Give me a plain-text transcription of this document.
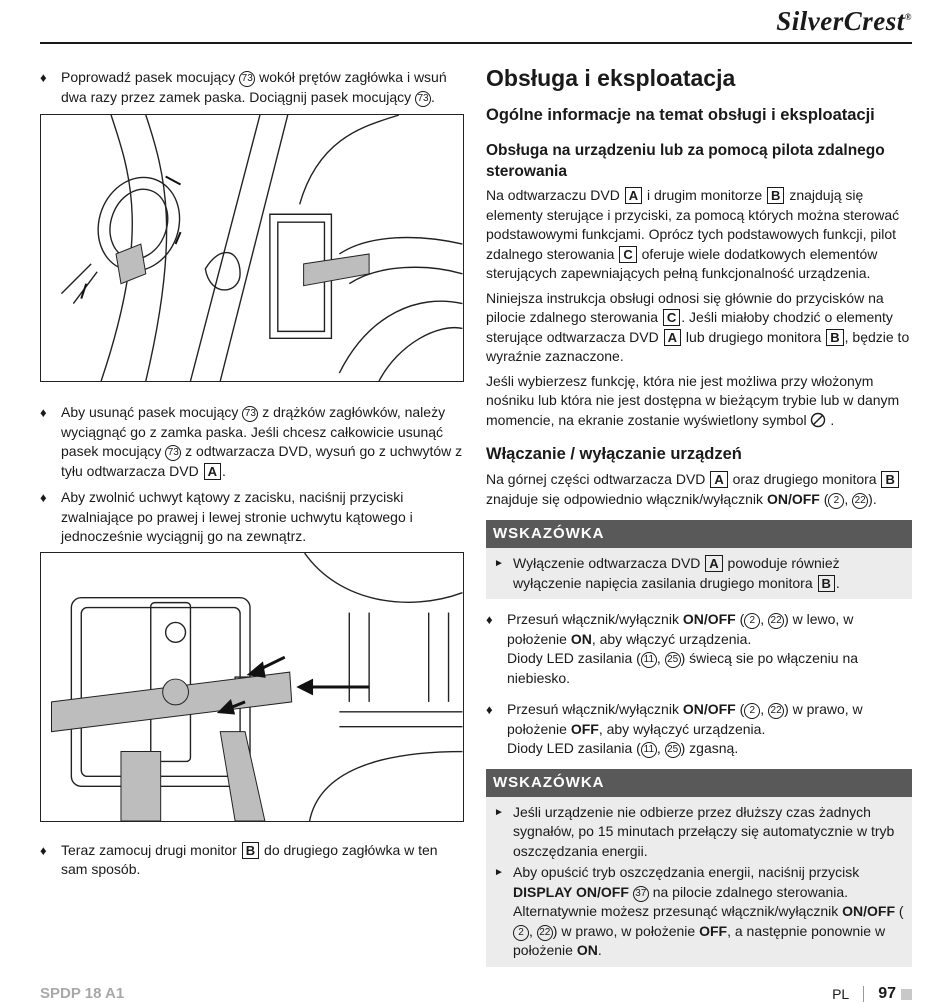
SilverCrest®

♦ Poprowadź pasek mocujący 73 wokół prętów zagłówka i wsuń dwa razy przez zamek paska. Dociągnij pasek mocujący 73 .

♦ Aby usunąć pasek mocujący 73 z drążków zagłówków, należy wyciągnąć go z zamka paska. Jeśli chcesz całkowicie usunąć pasek mocujący 73 z odtwarzacza DVD, wysuń go z uchwytów z tyłu odtwarzacza DVD A .

♦ Aby zwolnić uchwyt kątowy z zacisku, naciśnij przyciski zwalniające po prawej i lewej stronie uchwytu kątowego i jednocześnie wyciągnij go na zewnątrz.

♦ Teraz zamocuj drugi monitor B do drugiego zagłówka w ten sam sposób.

Obsługa i eksploatacja
Ogólne informacje na temat obsługi i eksploatacji
Obsługa na urządzeniu lub za pomocą pilota zdalnego sterowania

Na odtwarzaczu DVD A i drugim monitorze B znajdują się elementy sterujące i przyciski, za pomocą których można sterować podstawowymi funkcjami. Oprócz tych podstawowych funkcji, pilot zdalnego sterowania C oferuje wiele dodatkowych elementów sterujących zapewniających pełną funkcjonalność urządzenia.

Niniejsza instrukcja obsługi odnosi się głównie do przycisków na pilocie zdalnego sterowania C . Jeśli miałoby chodzić o elementy sterujące odtwarzacza DVD A lub drugiego monitora B , będzie to wyraźnie zaznaczone.

Jeśli wybierzesz funkcję, która nie jest możliwa przy włożonym nośniku lub która nie jest dostępna w bieżącym trybie lub w danym momencie, na ekranie zostanie wyświetlony symbol  .

Włączanie / wyłączanie urządzeń

Na górnej części odtwarzacza DVD A oraz drugiego monitora B znajduje się odpowiednio włącznik/wyłącznik ON/OFF ( 2 , 22 ).

WSKAZÓWKA

► Wyłączenie odtwarzacza DVD A powoduje również wyłączenie napięcia zasilania drugiego monitora B .

♦ Przesuń włącznik/wyłącznik ON/OFF ( 2 , 22 ) w lewo, w położenie ON, aby włączyć urządzenia.
Diody LED zasilania ( 11 , 25 ) świecą sie po włączeniu na niebiesko.

♦ Przesuń włącznik/wyłącznik ON/OFF ( 2 , 22 ) w prawo, w położenie OFF, aby wyłączyć urządzenia.
Diody LED zasilania ( 11 , 25 ) zgasną.

WSKAZÓWKA

► Jeśli urządzenie nie odbierze przez dłuższy czas żadnych sygnałów, po 15 minutach przełączy się automatycznie w tryb oszczędzania energii.

► Aby opuścić tryb oszczędzania energii, naciśnij przycisk DISPLAY ON/OFF 37 na pilocie zdalnego sterowania. Alternatywnie możesz przesunąć włącznik/wyłącznik ON/OFF (2 , 22 ) w prawo, w położenie OFF, a następnie ponownie w położenie ON.

SPDP 18 A1	PL 97
